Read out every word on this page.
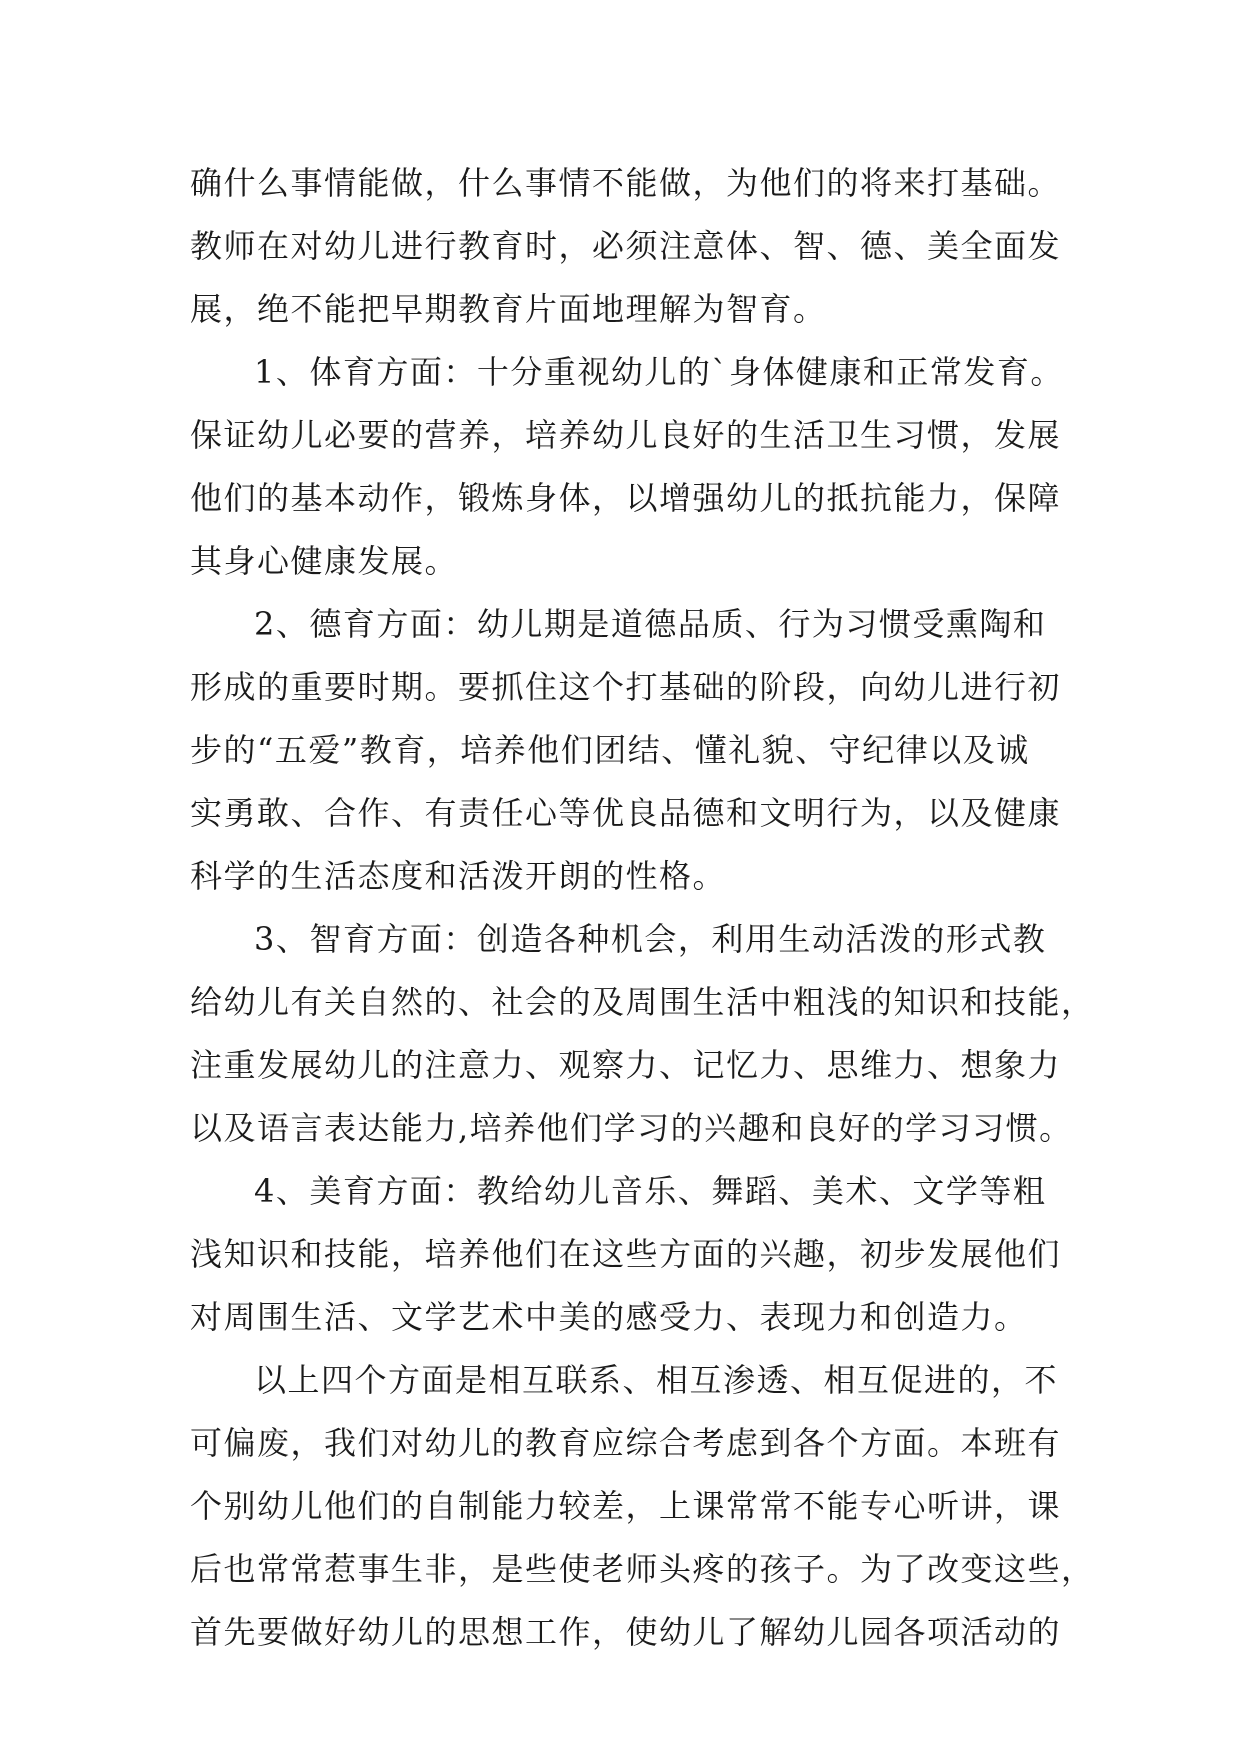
确什么事情能做，什么事情不能做，为他们的将来打基础。
教师在对幼儿进行教育时，必须注意体、智、德、美全面发
展，绝不能把早期教育片面地理解为智育。
1、体育方面：十分重视幼儿的`身体健康和正常发育。
保证幼儿必要的营养，培养幼儿良好的生活卫生习惯，发展
他们的基本动作，锻炼身体，以增强幼儿的抵抗能力，保障
其身心健康发展。
2、德育方面：幼儿期是道德品质、行为习惯受熏陶和
形成的重要时期。要抓住这个打基础的阶段，向幼儿进行初
步的“五爱”教育，培养他们团结、懂礼貌、守纪律以及诚
实勇敢、合作、有责任心等优良品德和文明行为，以及健康
科学的生活态度和活泼开朗的性格。
3、智育方面：创造各种机会，利用生动活泼的形式教
给幼儿有关自然的、社会的及周围生活中粗浅的知识和技能，
注重发展幼儿的注意力、观察力、记忆力、思维力、想象力
以及语言表达能力,培养他们学习的兴趣和良好的学习习惯。
4、美育方面：教给幼儿音乐、舞蹈、美术、文学等粗
浅知识和技能，培养他们在这些方面的兴趣，初步发展他们
对周围生活、文学艺术中美的感受力、表现力和创造力。
以上四个方面是相互联系、相互渗透、相互促进的，不
可偏废，我们对幼儿的教育应综合考虑到各个方面。本班有
个别幼儿他们的自制能力较差，上课常常不能专心听讲，课
后也常常惹事生非，是些使老师头疼的孩子。为了改变这些，
首先要做好幼儿的思想工作，使幼儿了解幼儿园各项活动的
